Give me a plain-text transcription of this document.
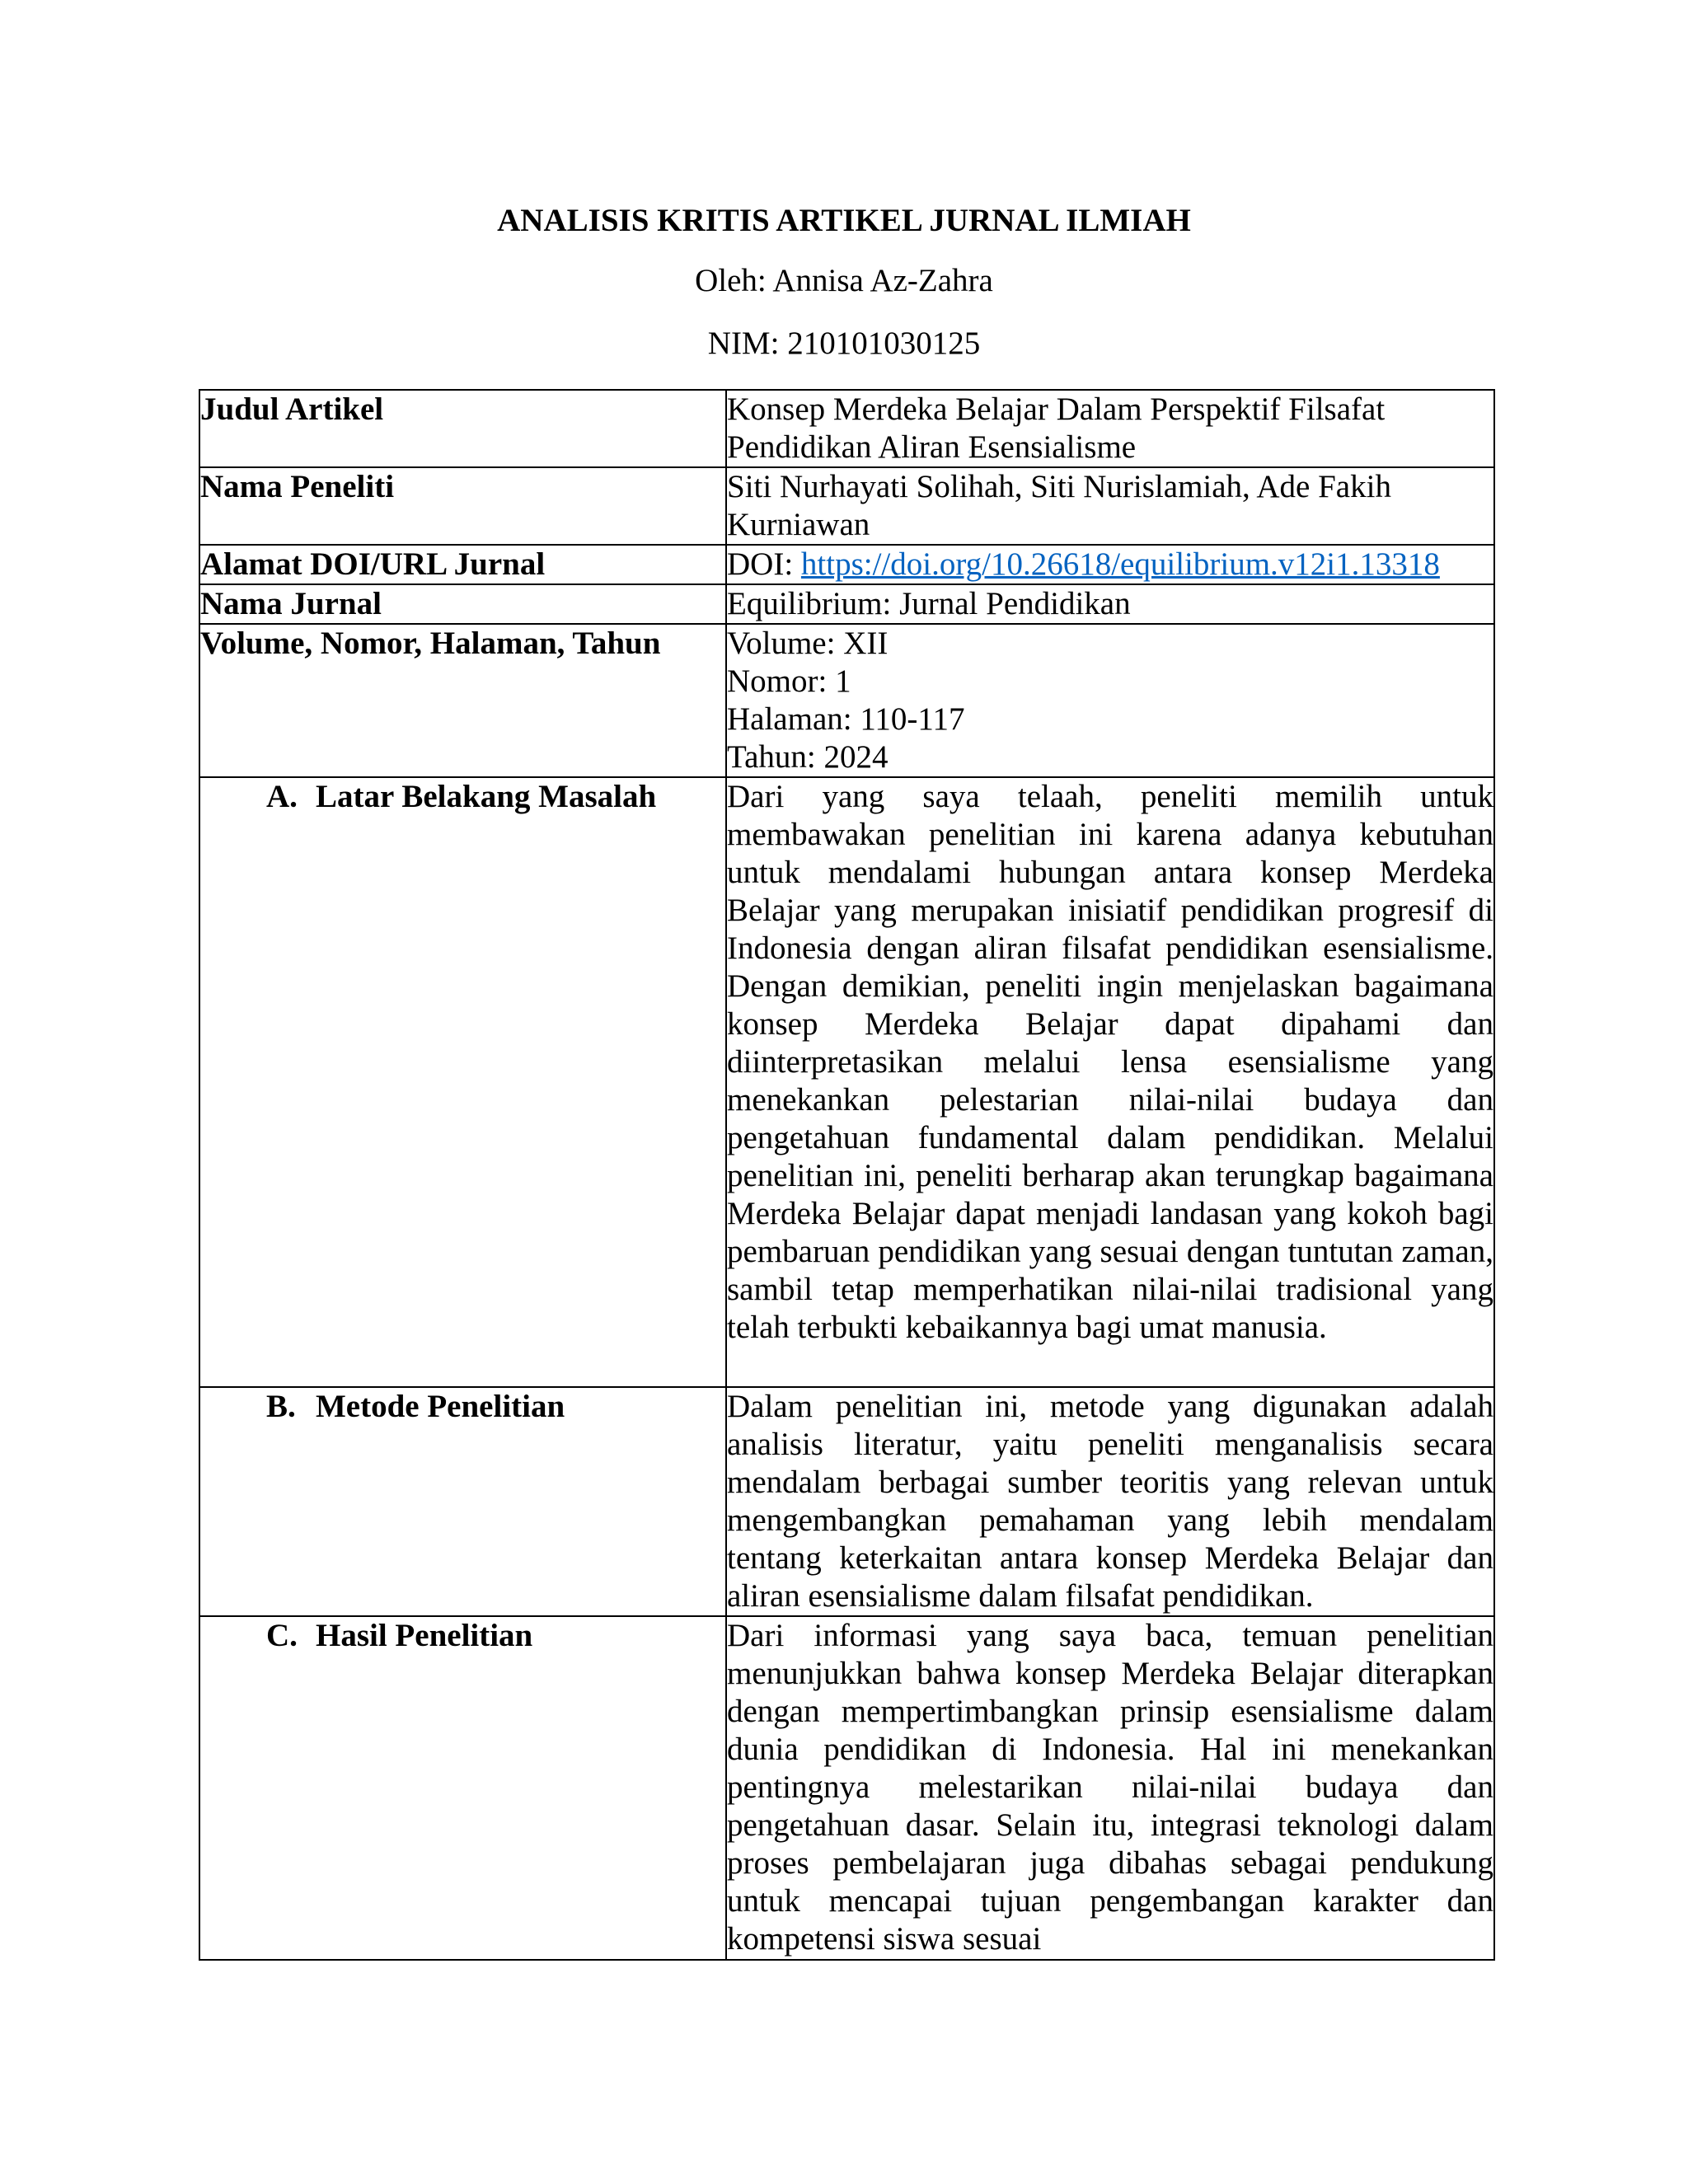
ANALISIS KRITIS ARTIKEL JURNAL ILMIAH
Oleh: Annisa Az-Zahra
NIM: 210101030125
Judul Artikel	Konsep Merdeka Belajar Dalam Perspektif Filsafat Pendidikan Aliran Esensialisme
Nama Peneliti	Siti Nurhayati Solihah, Siti Nurislamiah, Ade Fakih Kurniawan
Alamat DOI/URL Jurnal	DOI: https://doi.org/10.26618/equilibrium.v12i1.13318
Nama Jurnal	Equilibrium: Jurnal Pendidikan
Volume, Nomor, Halaman, Tahun	Volume: XII
Nomor: 1
Halaman: 110-117
Tahun: 2024

A. Latar Belakang Masalah	Dari yang saya telaah, peneliti memilih untuk membawakan penelitian ini karena adanya kebutuhan untuk mendalami hubungan antara konsep Merdeka Belajar yang merupakan inisiatif pendidikan progresif di Indonesia dengan aliran filsafat pendidikan esensialisme. Dengan demikian, peneliti ingin menjelaskan bagaimana konsep Merdeka Belajar dapat dipahami dan diinterpretasikan melalui lensa esensialisme yang menekankan pelestarian nilai-nilai budaya dan pengetahuan fundamental dalam pendidikan. Melalui penelitian ini, peneliti berharap akan terungkap bagaimana Merdeka Belajar dapat menjadi landasan yang kokoh bagi pembaruan pendidikan yang sesuai dengan tuntutan zaman, sambil tetap memperhatikan nilai-nilai tradisional yang telah terbukti kebaikannya bagi umat manusia.
B. Metode Penelitian	Dalam penelitian ini, metode yang digunakan adalah analisis literatur, yaitu peneliti menganalisis secara mendalam berbagai sumber teoritis yang relevan untuk mengembangkan pemahaman yang lebih mendalam tentang keterkaitan antara konsep Merdeka Belajar dan aliran esensialisme dalam filsafat pendidikan.
C. Hasil Penelitian	Dari informasi yang saya baca, temuan penelitian menunjukkan bahwa konsep Merdeka Belajar diterapkan dengan mempertimbangkan prinsip esensialisme dalam dunia pendidikan di Indonesia. Hal ini menekankan pentingnya melestarikan nilai-nilai budaya dan pengetahuan dasar. Selain itu, integrasi teknologi dalam proses pembelajaran juga dibahas sebagai pendukung untuk mencapai tujuan pengembangan karakter dan kompetensi siswa sesuai
